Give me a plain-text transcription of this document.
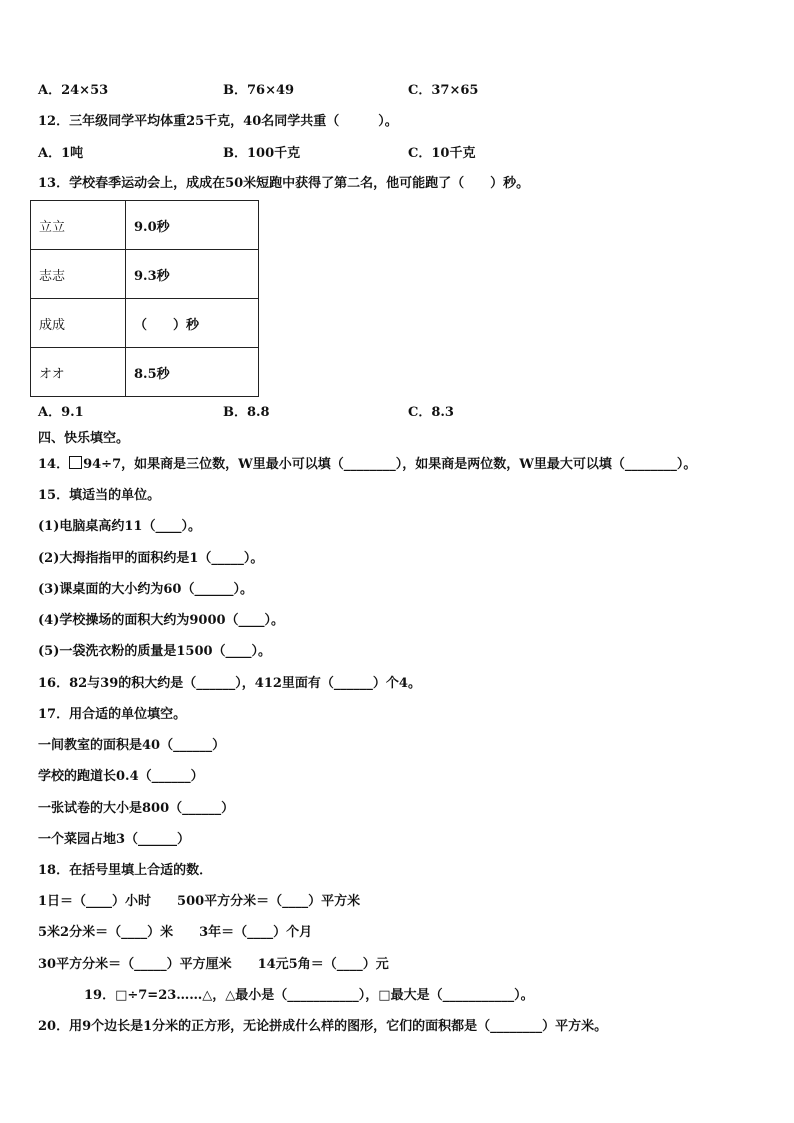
A．24×53	B．76×49	C．37×65
12．三年级同学平均体重25千克，40名同学共重（　　　）。
A．1吨	B．100千克	C．10千克
13．学校春季运动会上，成成在50米短跑中获得了第二名，他可能跑了（　　）秒。
立立	9.0秒
志志	9.3秒
成成	（　　）秒
オオ	8.5秒
A．9.1	B．8.8	C．8.3
四、快乐填空。
14． 94÷7，如果商是三位数，W里最小可以填（________），如果商是两位数，W里最大可以填（________）。
15．填适当的单位。
(1)电脑桌高约11（____）。
(2)大拇指指甲的面积约是1（_____）。
(3)课桌面的大小约为60（______）。
(4)学校操场的面积大约为9000（____）。
(5)一袋洗衣粉的质量是1500（____）。
16．82与39的积大约是（______），412里面有（______）个4。
17．用合适的单位填空。
一间教室的面积是40（______）
学校的跑道长0.4（______）
一张试卷的大小是800（______）
一个菜园占地3（______）
18．在括号里填上合适的数．
1日＝（____）小时　　500平方分米＝（____）平方米
5米2分米＝（____）米　　3年＝（____）个月
30平方分米＝（_____）平方厘米　　14元5角＝（____）元
19．□÷7=23……△，△最小是（___________），□最大是（___________）。
20．用9个边长是1分米的正方形，无论拼成什么样的图形，它们的面积都是（________）平方米。
